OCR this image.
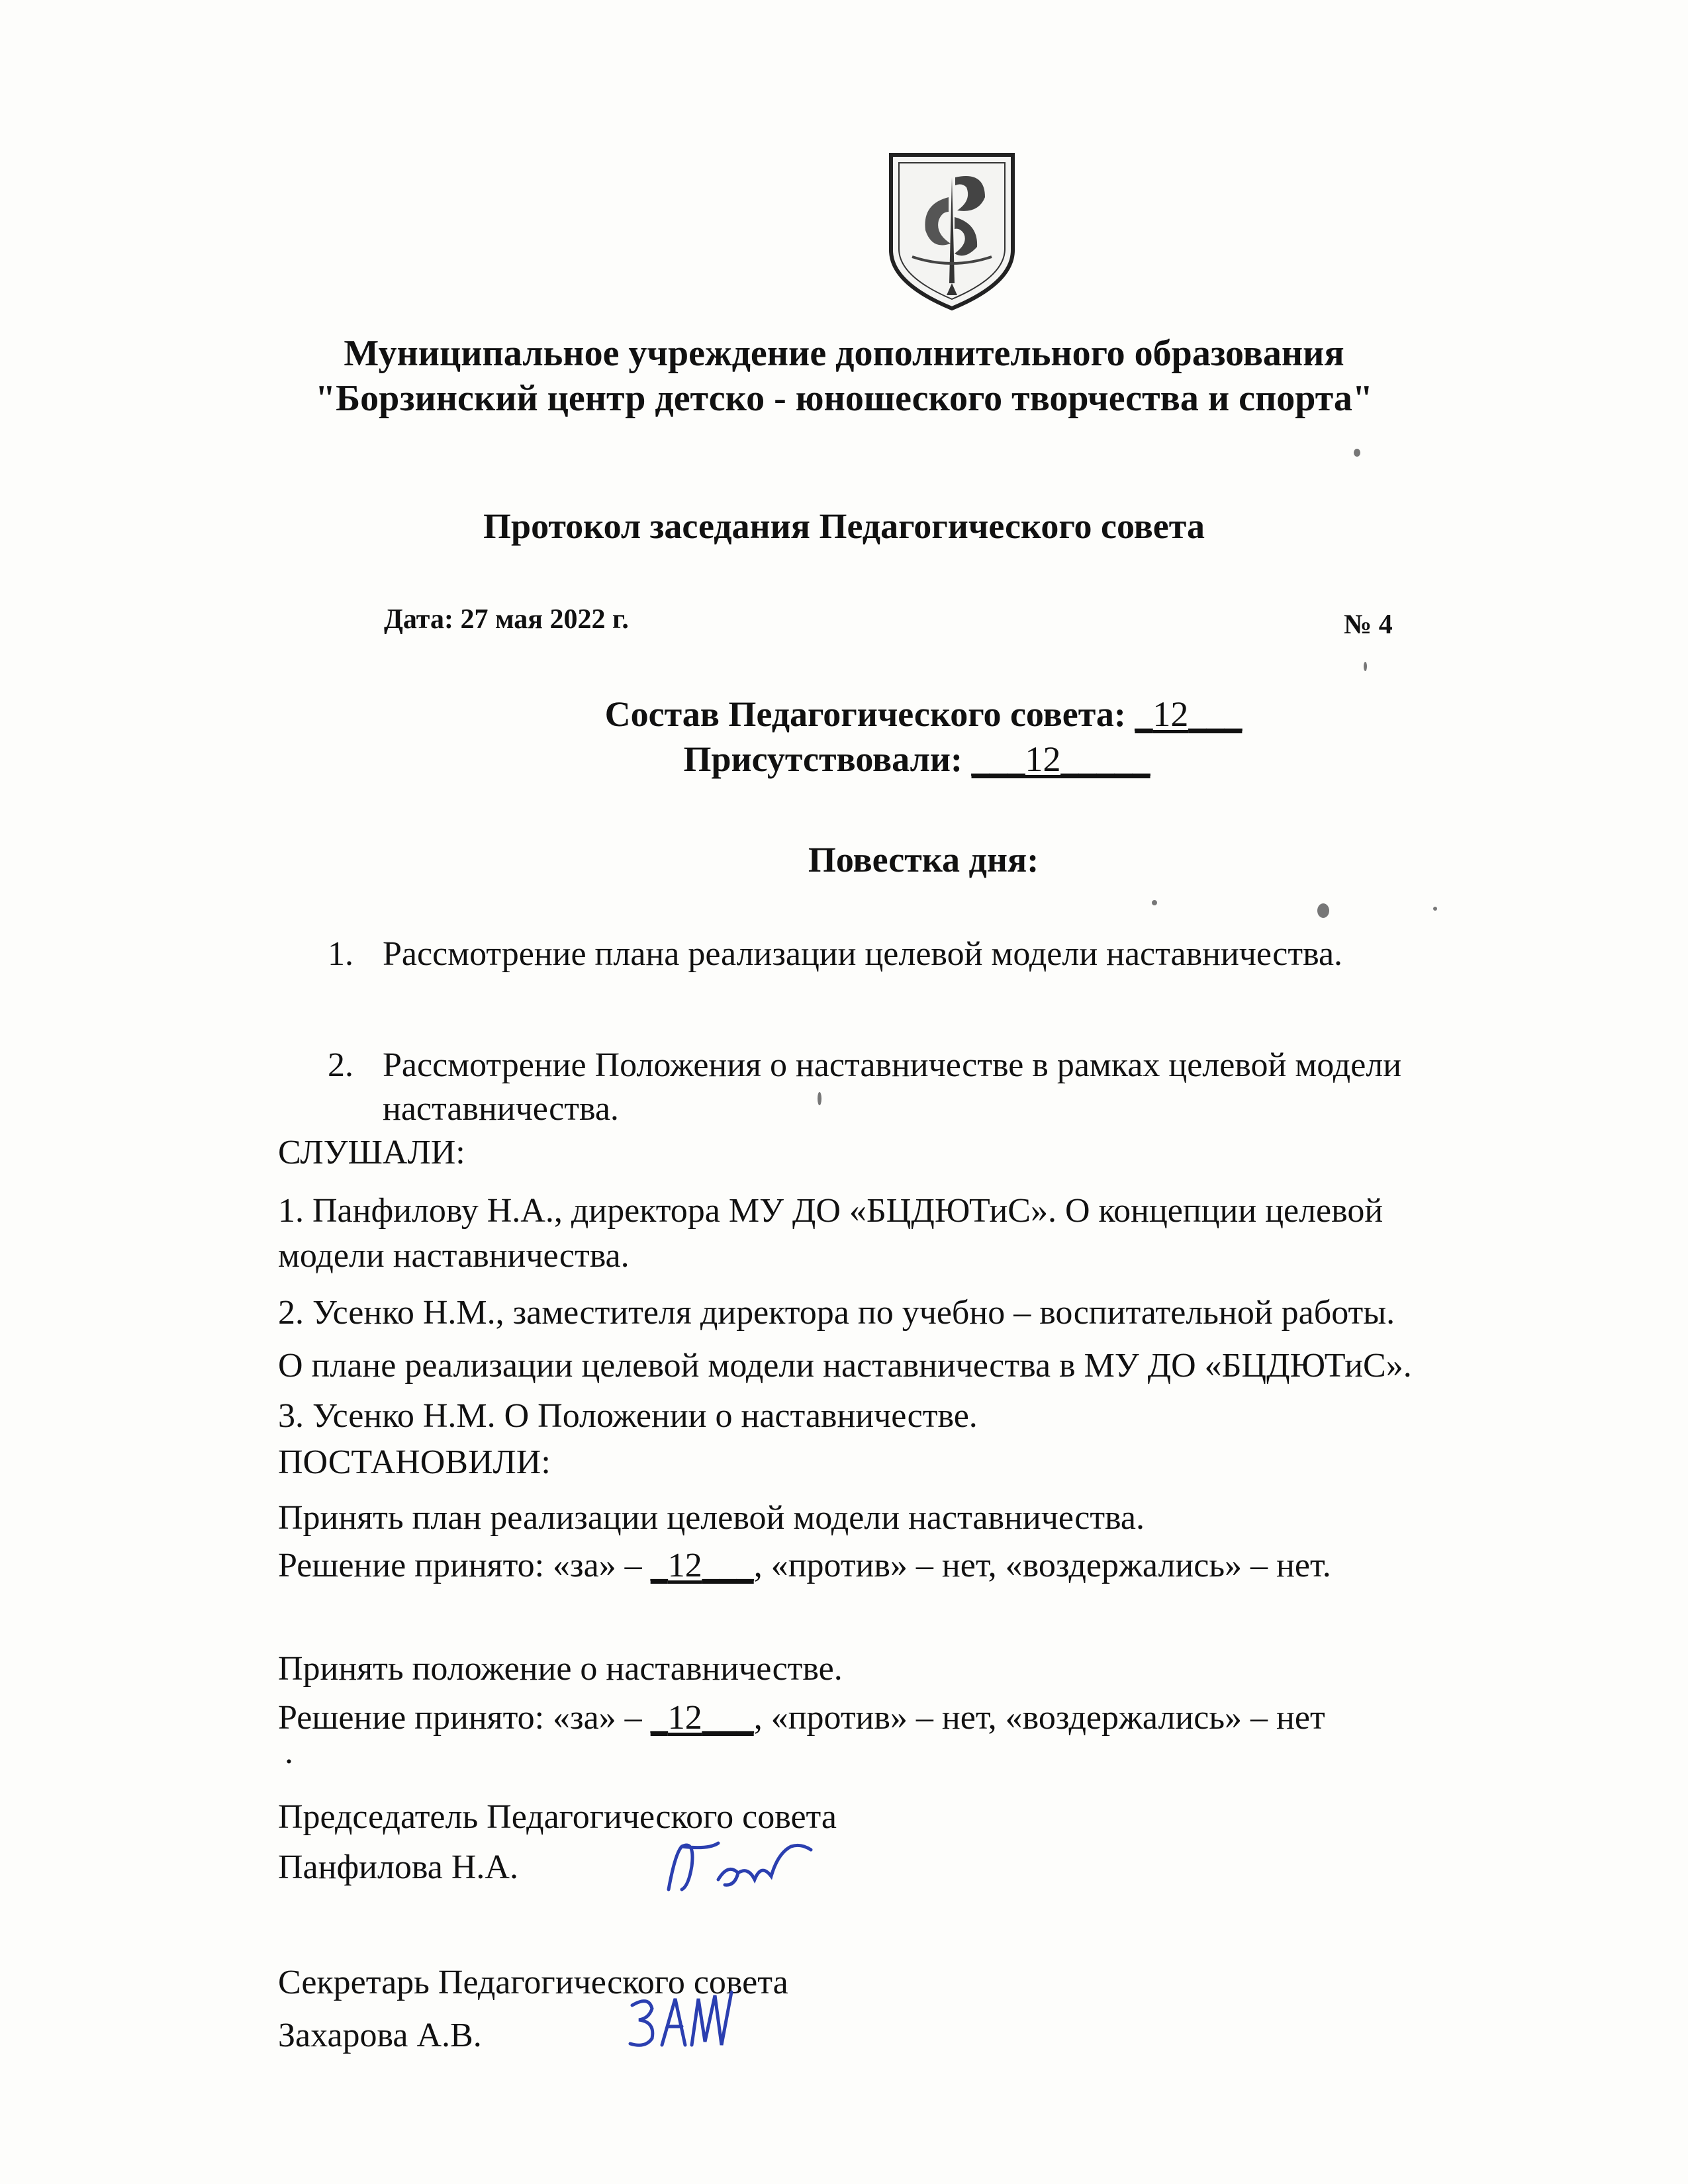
Муниципальное учреждение дополнительного образования
"Борзинский центр детско - юношеского творчества и спорта"
Протокол заседания Педагогического совета
Дата: 27 мая 2022 г.	№ 4
Состав Педагогического совета: _12___
Присутствовали: ___12_____
Повестка дня:
1. Рассмотрение плана реализации целевой модели наставничества.
2. Рассмотрение Положения о наставничестве в рамках целевой модели
наставничества.
СЛУШАЛИ:
1. Панфилову Н.А., директора МУ ДО «БЦДЮТиС». О концепции целевой
модели наставничества.
2. Усенко Н.М., заместителя директора по учебно – воспитательной работы.
О плане реализации целевой модели наставничества в МУ ДО «БЦДЮТиС».
3. Усенко Н.М. О Положении о наставничестве.
ПОСТАНОВИЛИ:
Принять план реализации целевой модели наставничества.
Решение принято: «за» – _12___, «против» – нет, «воздержались» – нет.
Принять положение о наставничестве.
Решение принято: «за» – _12___, «против» – нет, «воздержались» – нет
.
Председатель Педагогического совета
Панфилова Н.А.
Секретарь Педагогического совета
Захарова А.В.
